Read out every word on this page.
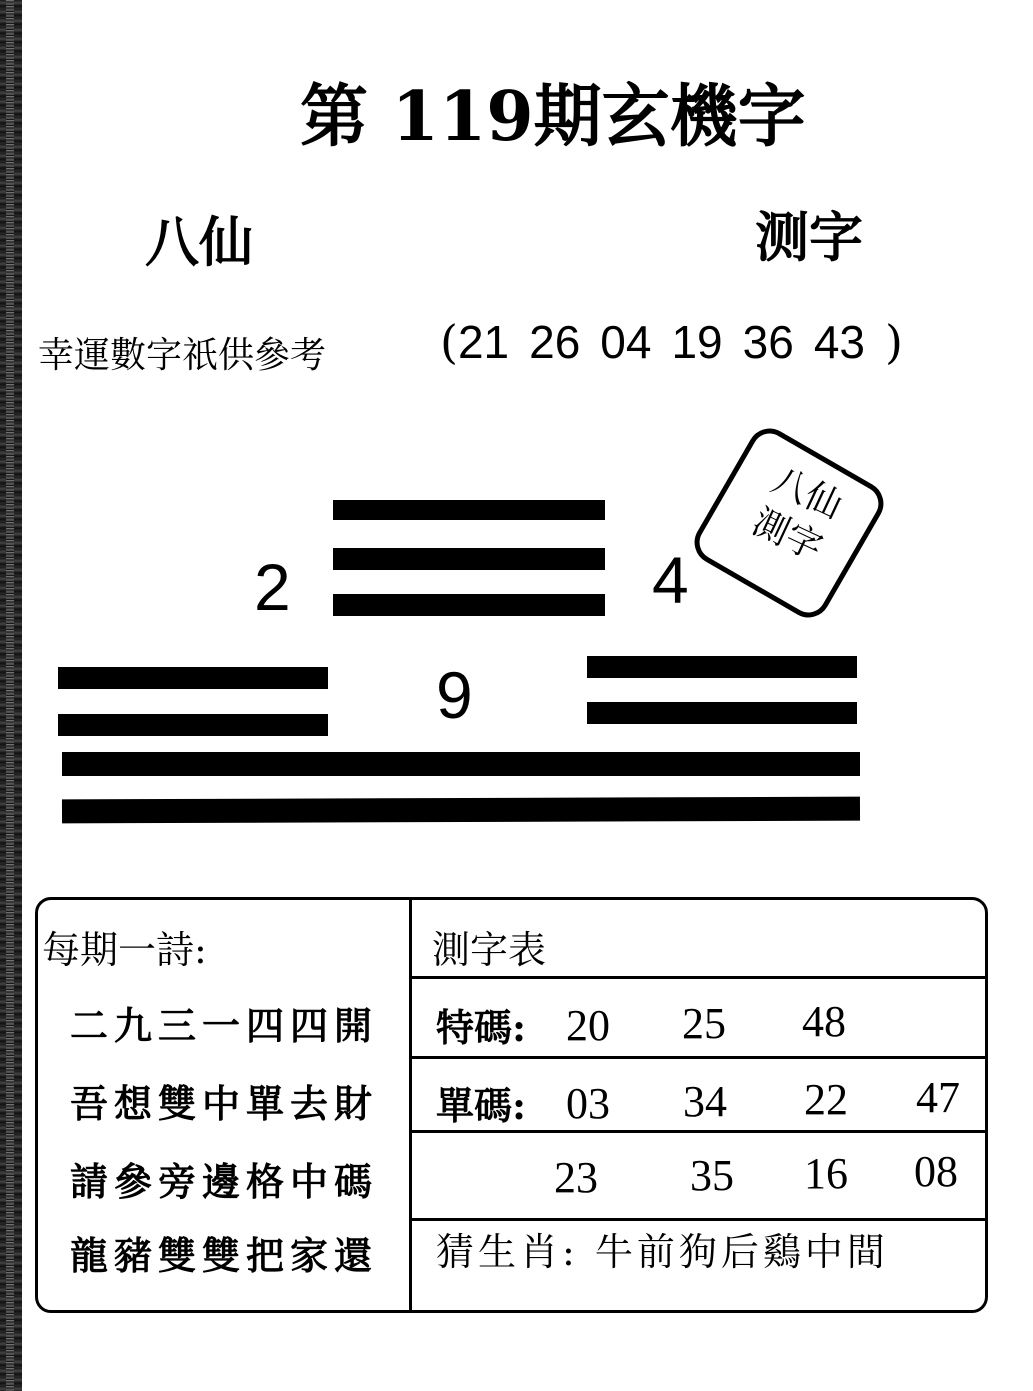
第 119期玄機字
八仙	测字
幸運數字祇供參考 ( 21 26 04 19 36 43 )
2	4
9
八仙
測字
每期一詩:
二九三一四四開
吾想雙中單去財
請參旁邊格中碼
龍豬雙雙把家還
測字表
特碼: 20 25 48
單碼: 03 34 22 47
23 35 16 08
猜生肖: 牛前狗后鷄中間
